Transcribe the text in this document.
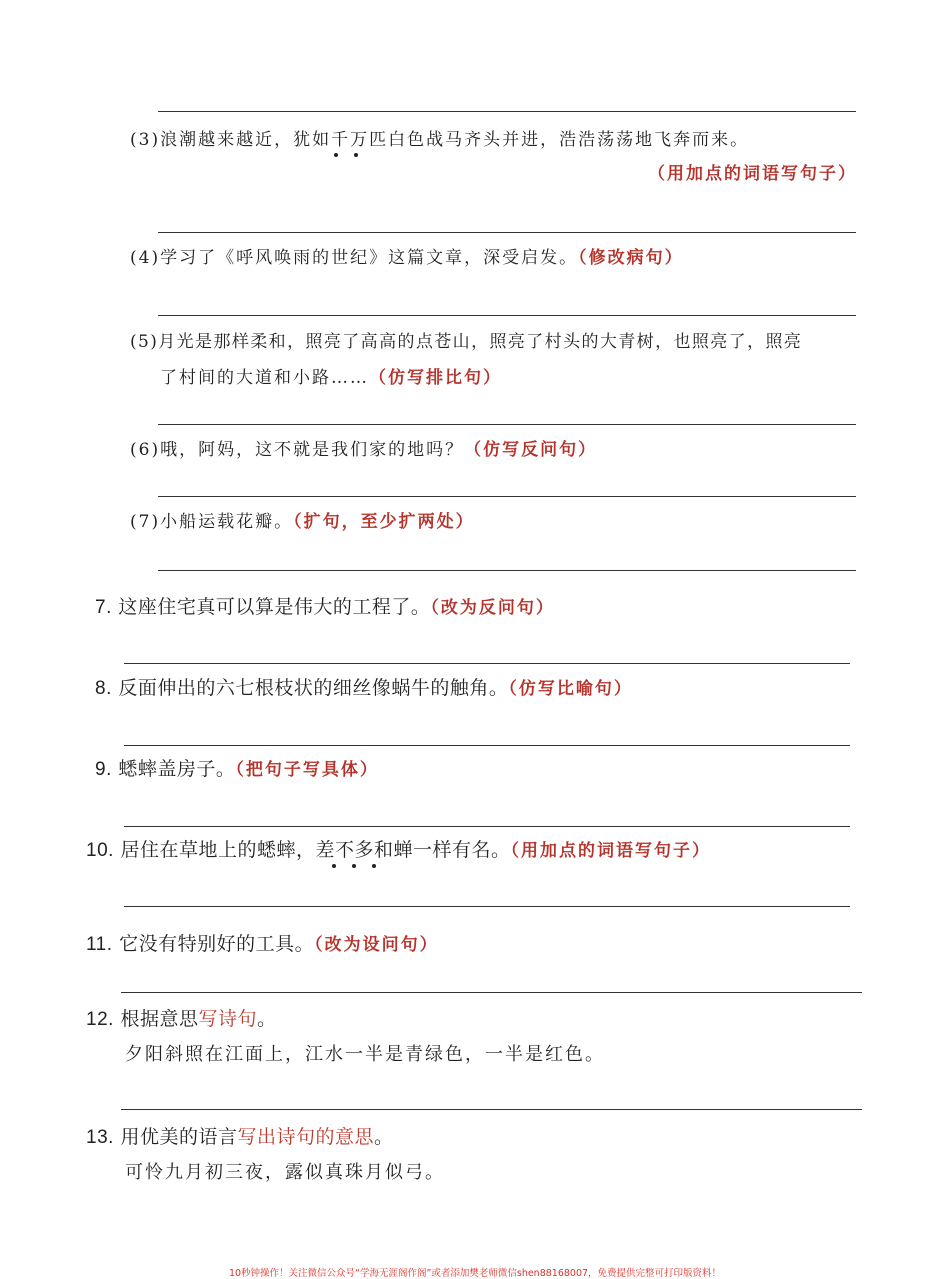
(3)浪潮越来越近，犹如千万匹白色战马齐头并进，浩浩荡荡地飞奔而来。
（用加点的词语写句子）
(4)学习了《呼风唤雨的世纪》这篇文章，深受启发。（修改病句）
(5)月光是那样柔和，照亮了高高的点苍山，照亮了村头的大青树，也照亮了，照亮
了村间的大道和小路……（仿写排比句）
(6)哦，阿妈，这不就是我们家的地吗？（仿写反问句）
(7)小船运载花瓣。（扩句，至少扩两处）
7. 这座住宅真可以算是伟大的工程了。（改为反问句）
8. 反面伸出的六七根枝状的细丝像蜗牛的触角。（仿写比喻句）
9. 蟋蟀盖房子。（把句子写具体）
10. 居住在草地上的蟋蟀，差不多和蝉一样有名。（用加点的词语写句子）
11. 它没有特别好的工具。（改为设问句）
12. 根据意思写诗句。
夕阳斜照在江面上，江水一半是青绿色，一半是红色。
13. 用优美的语言写出诗句的意思。
可怜九月初三夜，露似真珠月似弓。
10秒钟操作！关注微信公众号“学海无涯阁作阁”或者添加樊老师微信shen88168007，免费提供完整可打印版资料！
